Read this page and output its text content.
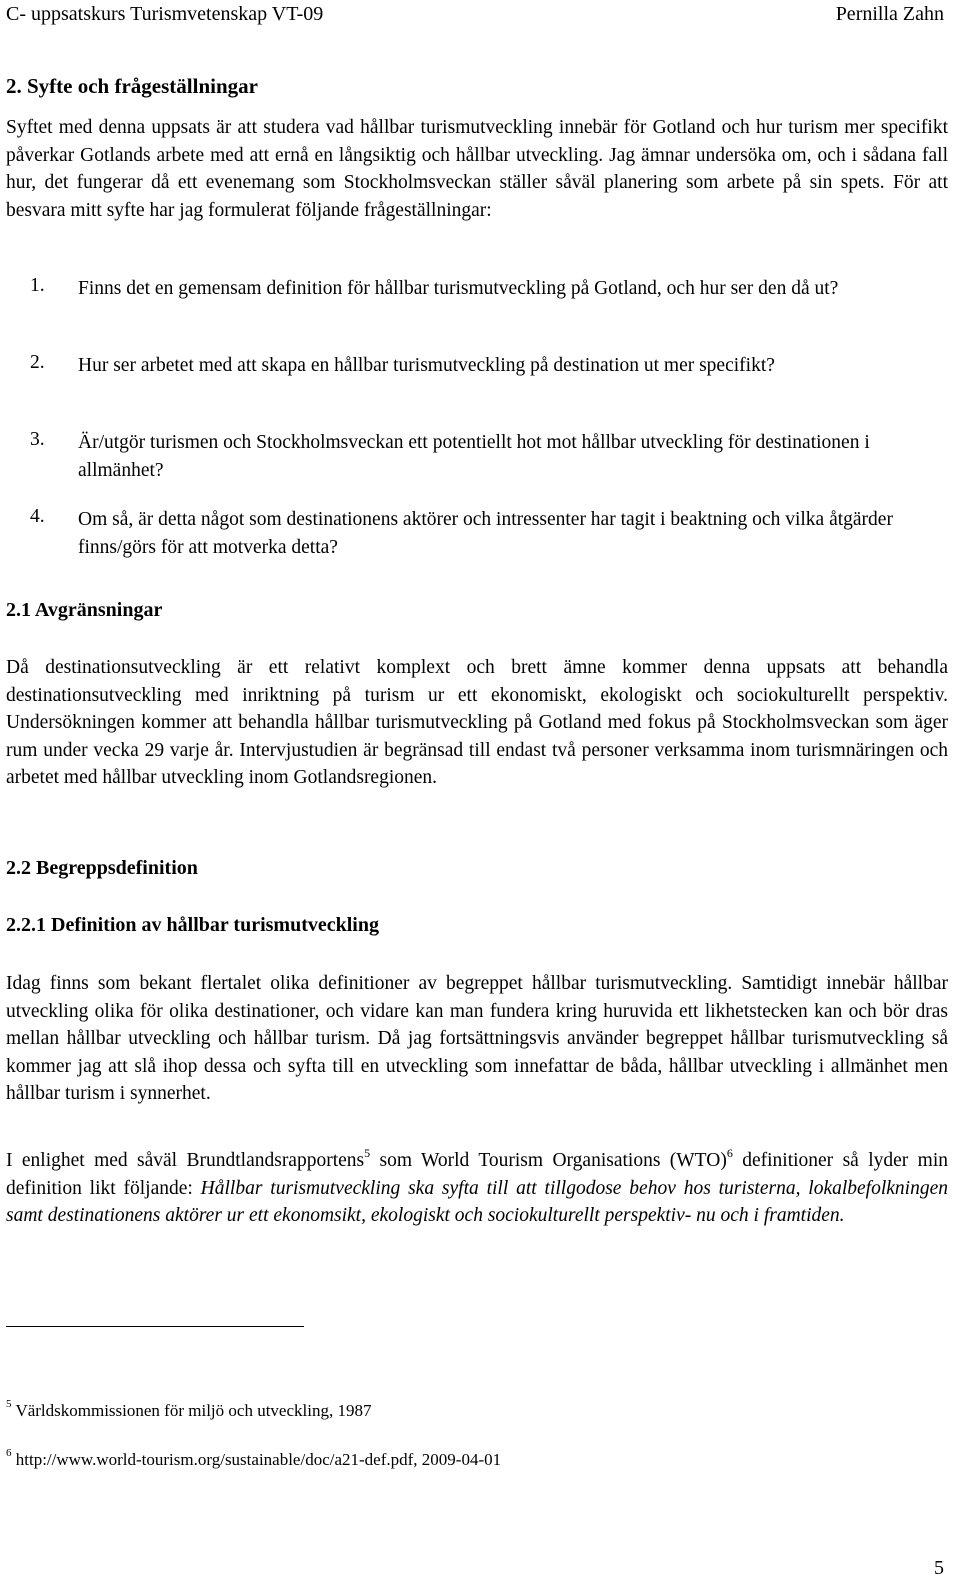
C- uppsatskurs Turismvetenskap VT-09	Pernilla Zahn
2. Syfte och frågeställningar
Syftet med denna uppsats är att studera vad hållbar turismutveckling innebär för Gotland och hur turism mer specifikt påverkar Gotlands arbete med att ernå en långsiktig och hållbar utveckling. Jag ämnar undersöka om, och i sådana fall hur, det fungerar då ett evenemang som Stockholmsveckan ställer såväl planering som arbete på sin spets. För att besvara mitt syfte har jag formulerat följande frågeställningar:
1. Finns det en gemensam definition för hållbar turismutveckling på Gotland, och hur ser den då ut?
2. Hur ser arbetet med att skapa en hållbar turismutveckling på destination ut mer specifikt?
3. Är/utgör turismen och Stockholmsveckan ett potentiellt hot mot hållbar utveckling för destinationen i allmänhet?
4. Om så, är detta något som destinationens aktörer och intressenter har tagit i beaktning och vilka åtgärder finns/görs för att motverka detta?
2.1 Avgränsningar
Då destinationsutveckling är ett relativt komplext och brett ämne kommer denna uppsats att behandla destinationsutveckling med inriktning på turism ur ett ekonomiskt, ekologiskt och sociokulturellt perspektiv. Undersökningen kommer att behandla hållbar turismutveckling på Gotland med fokus på Stockholmsveckan som äger rum under vecka 29 varje år. Intervjustudien är begränsad till endast två personer verksamma inom turismnäringen och arbetet med hållbar utveckling inom Gotlandsregionen.
2.2 Begreppsdefinition
2.2.1 Definition av hållbar turismutveckling
Idag finns som bekant flertalet olika definitioner av begreppet hållbar turismutveckling. Samtidigt innebär hållbar utveckling olika för olika destinationer, och vidare kan man fundera kring huruvida ett likhetstecken kan och bör dras mellan hållbar utveckling och hållbar turism. Då jag fortsättningsvis använder begreppet hållbar turismutveckling så kommer jag att slå ihop dessa och syfta till en utveckling som innefattar de båda, hållbar utveckling i allmänhet men hållbar turism i synnerhet.
I enlighet med såväl Brundtlandsrapportens$^5$ som World Tourism Organisations (WTO)$^6$ definitioner så lyder min definition likt följande: Hållbar turismutveckling ska syfta till att tillgodose behov hos turisterna, lokalbefolkningen samt destinationens aktörer ur ett ekonomsikt, ekologiskt och sociokulturellt perspektiv- nu och i framtiden.
$^5$ Världskommissionen för miljö och utveckling, 1987
$^6$ http://www.world-tourism.org/sustainable/doc/a21-def.pdf, 2009-04-01
5
